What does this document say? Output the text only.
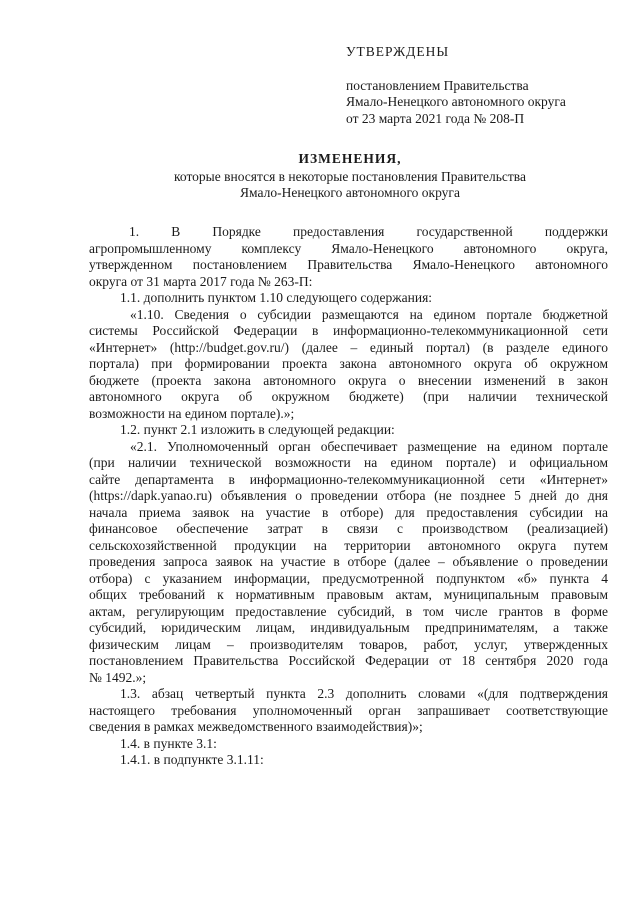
УТВЕРЖДЕНЫ
постановлением Правительства
Ямало-Ненецкого автономного округа
от 23 марта 2021 года № 208-П
ИЗМЕНЕНИЯ,
которые вносятся в некоторые постановления Правительства
Ямало-Ненецкого автономного округа
1. В Порядке предоставления государственной поддержки
агропромышленному комплексу Ямало-Ненецкого автономного округа,
утвержденном постановлением Правительства Ямало-Ненецкого автономного
округа от 31 марта 2017 года № 263-П:
1.1. дополнить пунктом 1.10 следующего содержания:
«1.10. Сведения о субсидии размещаются на едином портале бюджетной
системы Российской Федерации в информационно-телекоммуникационной сети
«Интернет» (http://budget.gov.ru/) (далее – единый портал) (в разделе единого
портала) при формировании проекта закона автономного округа об окружном
бюджете (проекта закона автономного округа о внесении изменений в закон
автономного округа об окружном бюджете) (при наличии технической
возможности на едином портале).»;
1.2. пункт 2.1 изложить в следующей редакции:
«2.1. Уполномоченный орган обеспечивает размещение на едином портале
(при наличии технической возможности на едином портале) и официальном
сайте департамента в информационно-телекоммуникационной сети «Интернет»
(https://dapk.yanao.ru) объявления о проведении отбора (не позднее 5 дней до дня
начала приема заявок на участие в отборе) для предоставления субсидии на
финансовое обеспечение затрат в связи с производством (реализацией)
сельскохозяйственной продукции на территории автономного округа путем
проведения запроса заявок на участие в отборе (далее – объявление о проведении
отбора) с указанием информации, предусмотренной подпунктом «б» пункта 4
общих требований к нормативным правовым актам, муниципальным правовым
актам, регулирующим предоставление субсидий, в том числе грантов в форме
субсидий, юридическим лицам, индивидуальным предпринимателям, а также
физическим лицам – производителям товаров, работ, услуг, утвержденных
постановлением Правительства Российской Федерации от 18 сентября 2020 года
№ 1492.»;
1.3. абзац четвертый пункта 2.3 дополнить словами «(для подтверждения
настоящего требования уполномоченный орган запрашивает соответствующие
сведения в рамках межведомственного взаимодействия)»;
1.4. в пункте 3.1:
1.4.1. в подпункте 3.1.11:
